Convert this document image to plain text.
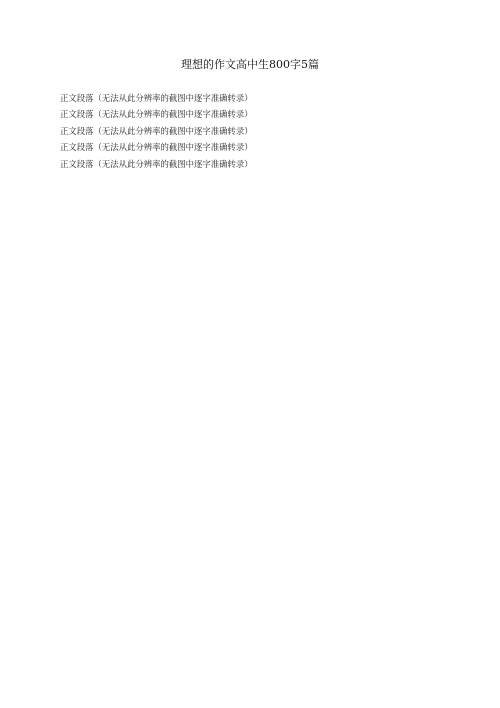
理想的作文高中生800字5篇

正文段落（无法从此分辨率的截图中逐字准确转录）

正文段落（无法从此分辨率的截图中逐字准确转录）

正文段落（无法从此分辨率的截图中逐字准确转录）

正文段落（无法从此分辨率的截图中逐字准确转录）

正文段落（无法从此分辨率的截图中逐字准确转录）
